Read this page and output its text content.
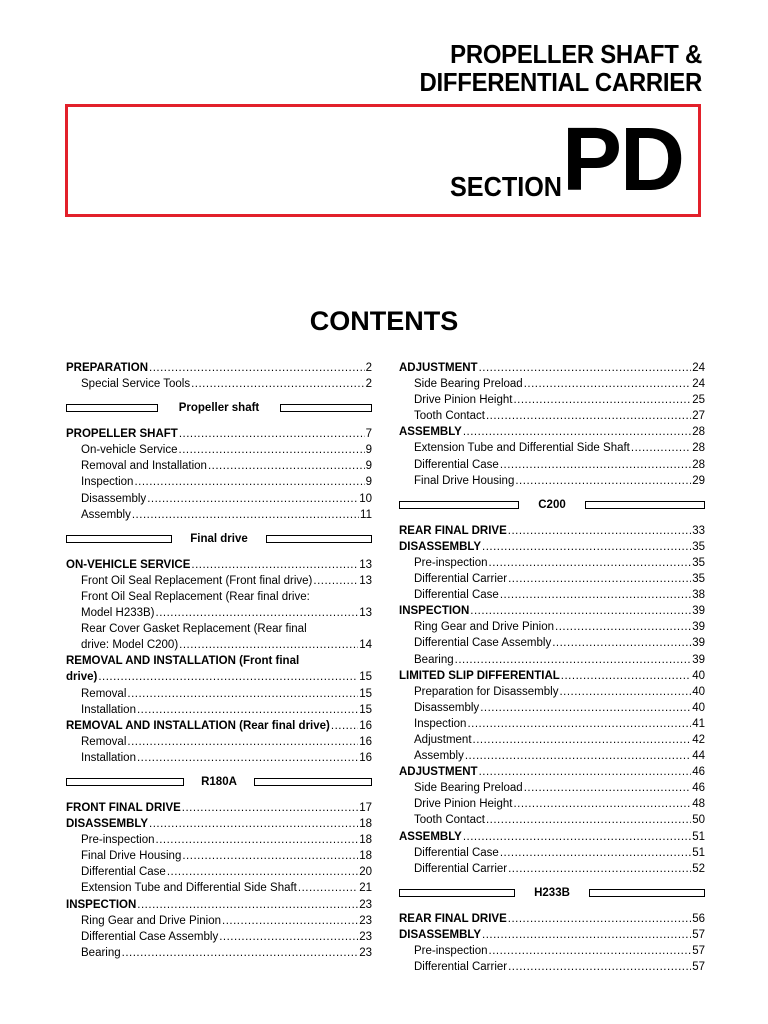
PROPELLER SHAFT &
DIFFERENTIAL CARRIER
SECTION PD
CONTENTS
PREPARATION .....	2
Special Service Tools .....	2
Propeller shaft
PROPELLER SHAFT .....	7
On-vehicle Service .....	9
Removal and Installation .....	9
Inspection .....	9
Disassembly .....	10
Assembly .....	11
Final drive
ON-VEHICLE SERVICE .....	13
Front Oil Seal Replacement (Front final drive) .....	13
Front Oil Seal Replacement (Rear final drive:
Model H233B) .....	13
Rear Cover Gasket Replacement (Rear final
drive: Model C200) .....	14
REMOVAL AND INSTALLATION (Front final
drive) .....	15
Removal .....	15
Installation .....	15
REMOVAL AND INSTALLATION (Rear final drive) .....	16
Removal .....	16
Installation .....	16
R180A
FRONT FINAL DRIVE .....	17
DISASSEMBLY .....	18
Pre-inspection .....	18
Final Drive Housing .....	18
Differential Case .....	20
Extension Tube and Differential Side Shaft .....	21
INSPECTION .....	23
Ring Gear and Drive Pinion .....	23
Differential Case Assembly .....	23
Bearing .....	23
ADJUSTMENT .....	24
Side Bearing Preload .....	24
Drive Pinion Height .....	25
Tooth Contact .....	27
ASSEMBLY .....	28
Extension Tube and Differential Side Shaft .....	28
Differential Case .....	28
Final Drive Housing .....	29
C200
REAR FINAL DRIVE .....	33
DISASSEMBLY .....	35
Pre-inspection .....	35
Differential Carrier .....	35
Differential Case .....	38
INSPECTION .....	39
Ring Gear and Drive Pinion .....	39
Differential Case Assembly .....	39
Bearing .....	39
LIMITED SLIP DIFFERENTIAL .....	40
Preparation for Disassembly .....	40
Disassembly .....	40
Inspection .....	41
Adjustment .....	42
Assembly .....	44
ADJUSTMENT .....	46
Side Bearing Preload .....	46
Drive Pinion Height .....	48
Tooth Contact .....	50
ASSEMBLY .....	51
Differential Case .....	51
Differential Carrier .....	52
H233B
REAR FINAL DRIVE .....	56
DISASSEMBLY .....	57
Pre-inspection .....	57
Differential Carrier .....	57
